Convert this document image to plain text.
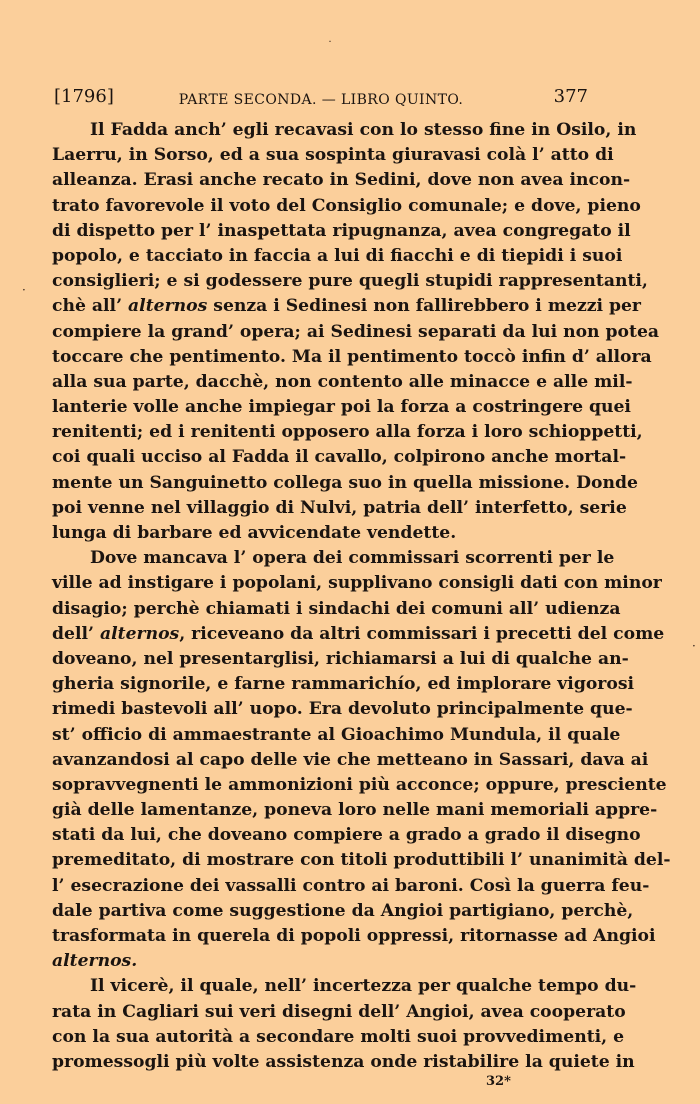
[1796]	PARTE SECONDA. — LIBRO QUINTO.	377
Il Fadda anch’ egli recavasi con lo stesso fine in Osilo, in
Laerru, in Sorso, ed a sua sospinta giuravasi colà l’ atto di
alleanza. Erasi anche recato in Sedini, dove non avea incon-
trato favorevole il voto del Consiglio comunale; e dove, pieno
di dispetto per l’ inaspettata ripugnanza, avea congregato il
popolo, e tacciato in faccia a lui di fiacchi e di tiepidi i suoi
consiglieri; e si godessere pure quegli stupidi rappresentanti,
chè all’ alternos senza i Sedinesi non fallirebbero i mezzi per
compiere la grand’ opera; ai Sedinesi separati da lui non potea
toccare che pentimento. Ma il pentimento toccò infin d’ allora
alla sua parte, dacchè, non contento alle minacce e alle mil-
lanterie volle anche impiegar poi la forza a costringere quei
renitenti; ed i renitenti opposero alla forza i loro schioppetti,
coi quali ucciso al Fadda il cavallo, colpirono anche mortal-
mente un Sanguinetto collega suo in quella missione. Donde
poi venne nel villaggio di Nulvi, patria dell’ interfetto, serie
lunga di barbare ed avvicendate vendette.
Dove mancava l’ opera dei commissari scorrenti per le
ville ad instigare i popolani, supplivano consigli dati con minor
disagio; perchè chiamati i sindachi dei comuni all’ udienza
dell’ alternos, riceveano da altri commissari i precetti del come
doveano, nel presentarglisi, richiamarsi a lui di qualche an-
gheria signorile, e farne rammarichío, ed implorare vigorosi
rimedi bastevoli all’ uopo. Era devoluto principalmente que-
st’ officio di ammaestrante al Gioachimo Mundula, il quale
avanzandosi al capo delle vie che metteano in Sassari, dava ai
sopravvegnenti le ammonizioni più acconce; oppure, presciente
già delle lamentanze, poneva loro nelle mani memoriali appre-
stati da lui, che doveano compiere a grado a grado il disegno
premeditato, di mostrare con titoli produttibili l’ unanimità del-
l’ esecrazione dei vassalli contro ai baroni. Così la guerra feu-
dale partiva come suggestione da Angioi partigiano, perchè,
trasformata in querela di popoli oppressi, ritornasse ad Angioi
alternos.
Il vicerè, il quale, nell’ incertezza per qualche tempo du-
rata in Cagliari sui veri disegni dell’ Angioi, avea cooperato
con la sua autorità a secondare molti suoi provvedimenti, e
promessogli più volte assistenza onde ristabilire la quiete in
32*
˙
·
·
